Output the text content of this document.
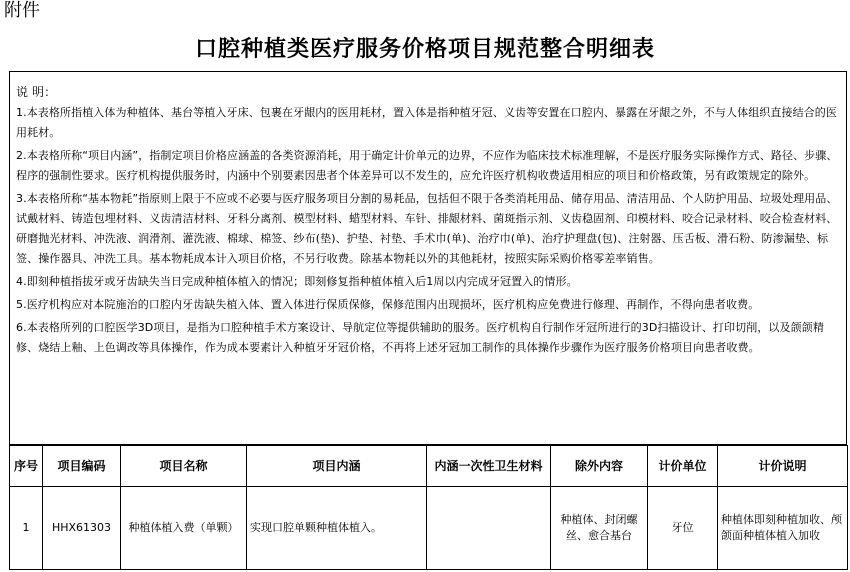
附件
口腔种植类医疗服务价格项目规范整合明细表
说 明：

1.本表格所指植入体为种植体、基台等植入牙床、包裹在牙龈内的医用耗材，置入体是指种植牙冠、义齿等安置在口腔内、暴露在牙龈之外，不与人体组织直接结合的医用耗材。

2.本表格所称“项目内涵”，指制定项目价格应涵盖的各类资源消耗，用于确定计价单元的边界，不应作为临床技术标准理解，不是医疗服务实际操作方式、路径、步骤、程序的强制性要求。医疗机构提供服务时，内涵中个别要素因患者个体差异可以不发生的，应允许医疗机构收费适用相应的项目和价格政策，另有政策规定的除外。

3.本表格所称“基本物耗”指原则上限于不应或不必要与医疗服务项目分割的易耗品，包括但不限于各类消耗用品、储存用品、清洁用品、个人防护用品、垃圾处理用品、试戴材料、铸造包埋材料、义齿清洁材料、牙科分离剂、模型材料、蜡型材料、车针、排龈材料、菌斑指示剂、义齿稳固剂、印模材料、咬合记录材料、咬合检查材料、研磨抛光材料、冲洗液、润滑剂、灌洗液、棉球、棉签、纱布(垫)、护垫、衬垫、手术巾(单)、治疗巾(单)、治疗护理盘(包)、注射器、压舌板、滑石粉、防渗漏垫、标签、操作器具、冲洗工具。基本物耗成本计入项目价格，不另行收费。除基本物耗以外的其他耗材，按照实际采购价格零差率销售。

4.即刻种植指拔牙或牙齿缺失当日完成种植体植入的情况；即刻修复指种植体植入后1周以内完成牙冠置入的情形。

5.医疗机构应对本院施治的口腔内牙齿缺失植入体、置入体进行保质保修，保修范围内出现损坏，医疗机构应免费进行修理、再制作，不得向患者收费。

6.本表格所列的口腔医学3D项目，是指为口腔种植手术方案设计、导航定位等提供辅助的服务。医疗机构自行制作牙冠所进行的3D扫描设计、打印切削，以及颌颌精修、烧结上釉、上色调改等具体操作，作为成本要素计入种植牙牙冠价格，不再将上述牙冠加工制作的具体操作步骤作为医疗服务价格项目向患者收费。

序号	项目编码	项目名称	项目内涵	内涵一次性卫生材料	除外内容	计价单位	计价说明
1	HHX61303	种植体植入费（单颗）	实现口腔单颗种植体植入。		种植体、封闭螺丝、愈合基台	牙位	种植体即刻种植加收、颅颌面种植体植入加收
